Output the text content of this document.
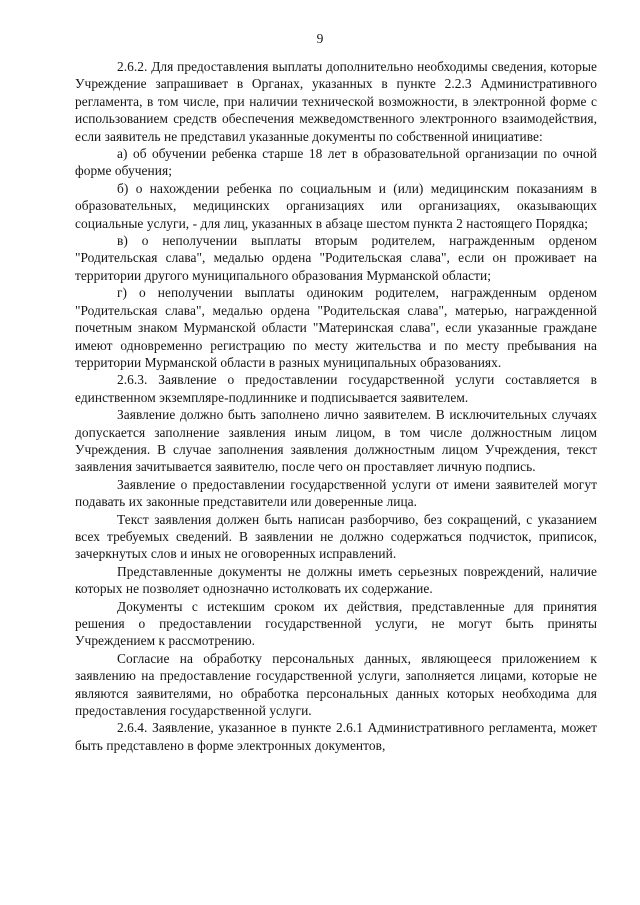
9

2.6.2. Для предоставления выплаты дополнительно необходимы сведения, которые Учреждение запрашивает в Органах, указанных в пункте 2.2.3 Административного регламента, в том числе, при наличии технической возможности, в электронной форме с использованием средств обеспечения межведомственного электронного взаимодействия, если заявитель не представил указанные документы по собственной инициативе:

а) об обучении ребенка старше 18 лет в образовательной организации по очной форме обучения;

б) о нахождении ребенка по социальным и (или) медицинским показаниям в образовательных, медицинских организациях или организациях, оказывающих социальные услуги, - для лиц, указанных в абзаце шестом пункта 2 настоящего Порядка;

в) о неполучении выплаты вторым родителем, награжденным орденом "Родительская слава", медалью ордена "Родительская слава", если он проживает на территории другого муниципального образования Мурманской области;

г) о неполучении выплаты одиноким родителем, награжденным орденом "Родительская слава", медалью ордена "Родительская слава", матерью, награжденной почетным знаком Мурманской области "Материнская слава", если указанные граждане имеют одновременно регистрацию по месту жительства и по месту пребывания на территории Мурманской области в разных муниципальных образованиях.

2.6.3. Заявление о предоставлении государственной услуги составляется в единственном экземпляре-подлиннике и подписывается заявителем.

Заявление должно быть заполнено лично заявителем. В исключительных случаях допускается заполнение заявления иным лицом, в том числе должностным лицом Учреждения. В случае заполнения заявления должностным лицом Учреждения, текст заявления зачитывается заявителю, после чего он проставляет личную подпись.

Заявление о предоставлении государственной услуги от имени заявителей могут подавать их законные представители или доверенные лица.

Текст заявления должен быть написан разборчиво, без сокращений, с указанием всех требуемых сведений. В заявлении не должно содержаться подчисток, приписок, зачеркнутых слов и иных не оговоренных исправлений.

Представленные документы не должны иметь серьезных повреждений, наличие которых не позволяет однозначно истолковать их содержание.

Документы с истекшим сроком их действия, представленные для принятия решения о предоставлении государственной услуги, не могут быть приняты Учреждением к рассмотрению.

Согласие на обработку персональных данных, являющееся приложением к заявлению на предоставление государственной услуги, заполняется лицами, которые не являются заявителями, но обработка персональных данных которых необходима для предоставления государственной услуги.

2.6.4. Заявление, указанное в пункте 2.6.1 Административного регламента, может быть представлено в форме электронных документов,
